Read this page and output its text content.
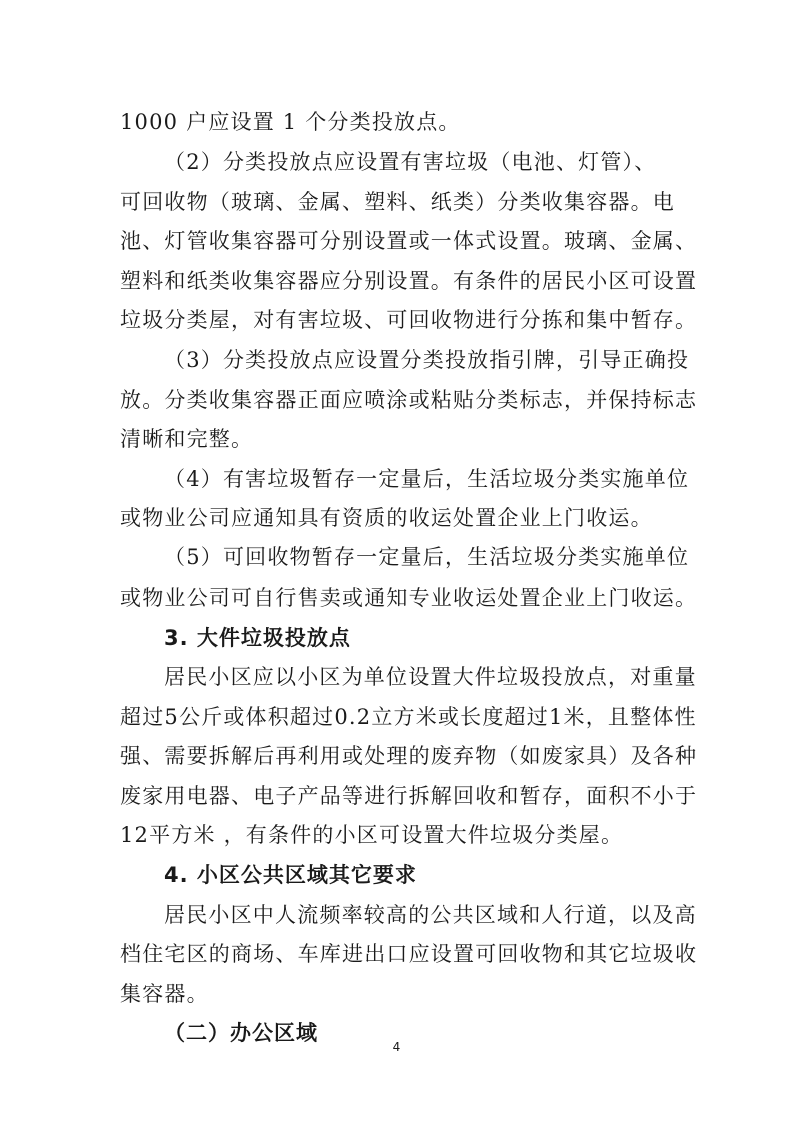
1000 户应设置 1 个分类投放点。
（2）分类投放点应设置有害垃圾（电池、灯管）、
可回收物（玻璃、金属、塑料、纸类）分类收集容器。电
池、灯管收集容器可分别设置或一体式设置。玻璃、金属、
塑料和纸类收集容器应分别设置。有条件的居民小区可设置
垃圾分类屋，对有害垃圾、可回收物进行分拣和集中暂存。
（3）分类投放点应设置分类投放指引牌，引导正确投
放。分类收集容器正面应喷涂或粘贴分类标志，并保持标志
清晰和完整。
（4）有害垃圾暂存一定量后，生活垃圾分类实施单位
或物业公司应通知具有资质的收运处置企业上门收运。
（5）可回收物暂存一定量后，生活垃圾分类实施单位
或物业公司可自行售卖或通知专业收运处置企业上门收运。
3. 大件垃圾投放点
居民小区应以小区为单位设置大件垃圾投放点，对重量
超过5公斤或体积超过0.2立方米或长度超过1米，且整体性
强、需要拆解后再利用或处理的废弃物（如废家具）及各种
废家用电器、电子产品等进行拆解回收和暂存，面积不小于
12平方米 ，有条件的小区可设置大件垃圾分类屋。
4. 小区公共区域其它要求
居民小区中人流频率较高的公共区域和人行道，以及高
档住宅区的商场、车库进出口应设置可回收物和其它垃圾收
集容器。
（二）办公区域
4
